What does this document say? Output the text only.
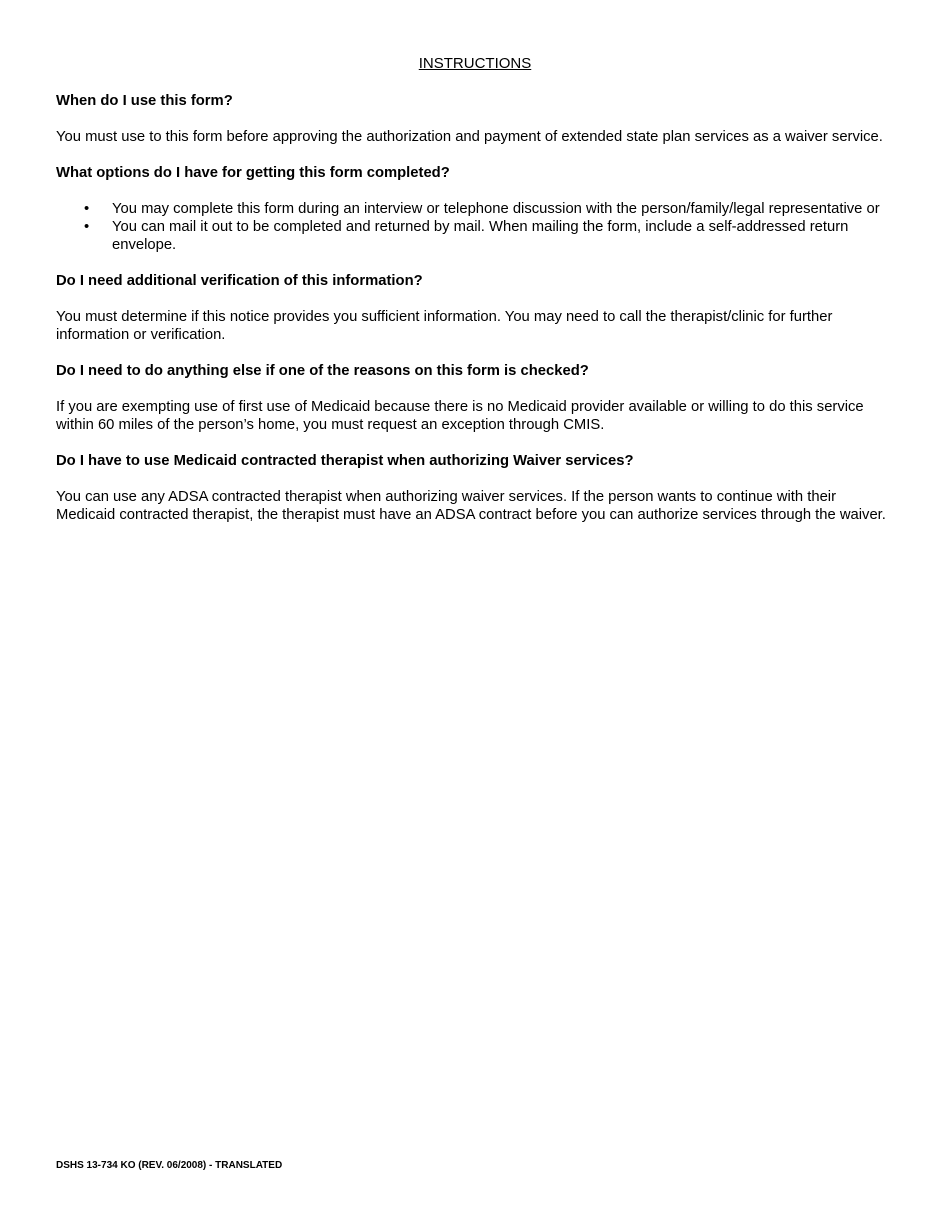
INSTRUCTIONS
When do I use this form?
You must use to this form before approving the authorization and payment of extended state plan services as a waiver service.
What options do I have for getting this form completed?
• You may complete this form during an interview or telephone discussion with the person/family/legal representative or
• You can mail it out to be completed and returned by mail. When mailing the form, include a self-addressed return envelope.
Do I need additional verification of this information?
You must determine if this notice provides you sufficient information. You may need to call the therapist/clinic for further information or verification.
Do I need to do anything else if one of the reasons on this form is checked?
If you are exempting use of first use of Medicaid because there is no Medicaid provider available or willing to do this service within 60 miles of the person’s home, you must request an exception through CMIS.
Do I have to use Medicaid contracted therapist when authorizing Waiver services?
You can use any ADSA contracted therapist when authorizing waiver services. If the person wants to continue with their Medicaid contracted therapist, the therapist must have an ADSA contract before you can authorize services through the waiver.
DSHS 13-734 KO (REV. 06/2008) - TRANSLATED
